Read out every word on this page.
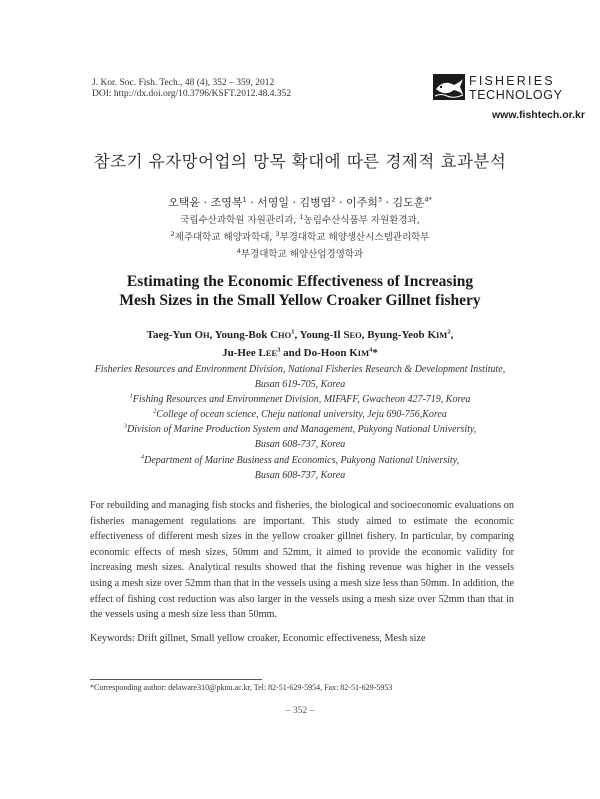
J. Kor. Soc. Fish. Tech., 48 (4), 352 – 359, 2012
DOI: http://dx.doi.org/10.3796/KSFT.2012.48.4.352
FISHERIES
TECHNOLOGY
www.fishtech.or.kr
참조기 유자망어업의 망목 확대에 따른 경제적 효과분석
오택윤 · 조영복$^1$ · 서영일 · 김병엽$^2$ · 이주희$^3$ · 김도훈$^{4*}$
국립수산과학원 자원관리과, $^1$농림수산식품부 자원환경과,
$^2$제주대학교 해양과학대, $^3$부경대학교 해양생산시스템관리학부
$^4$부경대학교 해양산업경영학과
Estimating the Economic Effectiveness of Increasing
Mesh Sizes in the Small Yellow Croaker Gillnet fishery
Taeg-Yun OH, Young-Bok CHO$^1$, Young-Il SEO, Byung-Yeob KIM$^2$,
Ju-Hee LEE$^3$ and Do-Hoon KIM$^4$*
Fisheries Resources and Environment Division, National Fisheries Research & Development Institute,
Busan 619-705, Korea
$^1$Fishing Resources and Environmenet Division, MIFAFF, Gwacheon 427-719, Korea
$^2$College of ocean science, Cheju national university, Jeju 690-756,Korea
$^3$Division of Marine Production System and Management, Pukyong National University,
Busan 608-737, Korea
$^4$Department of Marine Business and Economics, Pukyong National University,
Busan 608-737, Korea
For rebuilding and managing fish stocks and fisheries, the biological and socioeconomic evaluations on fisheries management regulations are important. This study aimed to estimate the economic effectiveness of different mesh sizes in the yellow croaker gillnet fishery. In particular, by comparing economic effects of mesh sizes, 50mm and 52mm, it aimed to provide the economic validity for increasing mesh sizes. Analytical results showed that the fishing revenue was higher in the vessels using a mesh size over 52mm than that in the vessels using a mesh size less than 50mm. In addition, the effect of fishing cost reduction was also larger in the vessels using a mesh size over 52mm than that in the vessels using a mesh size less than 50mm.
Keywords: Drift gillnet, Small yellow croaker, Economic effectiveness, Mesh size
*Corresponding author: delaware310@pknu.ac.kr, Tel: 82-51-629-5954, Fax: 82-51-629-5953
– 352 –
